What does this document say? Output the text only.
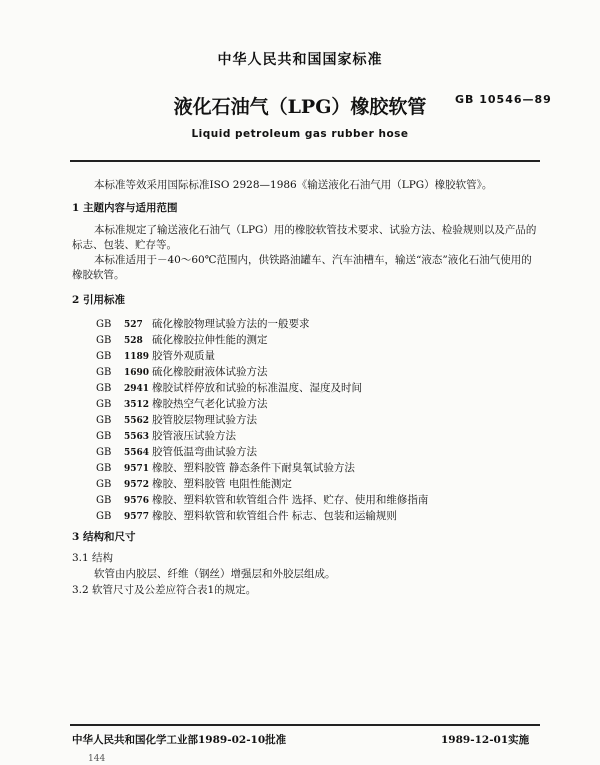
中华人民共和国国家标准
GB 10546—89
液化石油气（LPG）橡胶软管
Liquid petroleum gas rubber hose
本标准等效采用国际标准ISO 2928—1986《输送液化石油气用（LPG）橡胶软管》。
1 主题内容与适用范围
本标准规定了输送液化石油气（LPG）用的橡胶软管技术要求、试验方法、检验规则以及产品的
标志、包装、贮存等。
本标准适用于－40～60℃范围内，供铁路油罐车、汽车油槽车，输送“液态”液化石油气使用的
橡胶软管。
2 引用标准
GB 527 硫化橡胶物理试验方法的一般要求
GB 528 硫化橡胶拉伸性能的测定
GB 1189 胶管外观质量
GB 1690 硫化橡胶耐液体试验方法
GB 2941 橡胶试样停放和试验的标准温度、湿度及时间
GB 3512 橡胶热空气老化试验方法
GB 5562 胶管胶层物理试验方法
GB 5563 胶管液压试验方法
GB 5564 胶管低温弯曲试验方法
GB 9571 橡胶、塑料胶管 静态条件下耐臭氧试验方法
GB 9572 橡胶、塑料胶管 电阻性能测定
GB 9576 橡胶、塑料软管和软管组合件 选择、贮存、使用和维修指南
GB 9577 橡胶、塑料软管和软管组合件 标志、包装和运输规则
3 结构和尺寸
3.1 结构
软管由内胶层、纤维（钢丝）增强层和外胶层组成。
3.2 软管尺寸及公差应符合表1的规定。
中华人民共和国化学工业部1989-02-10批准	1989-12-01实施
144
